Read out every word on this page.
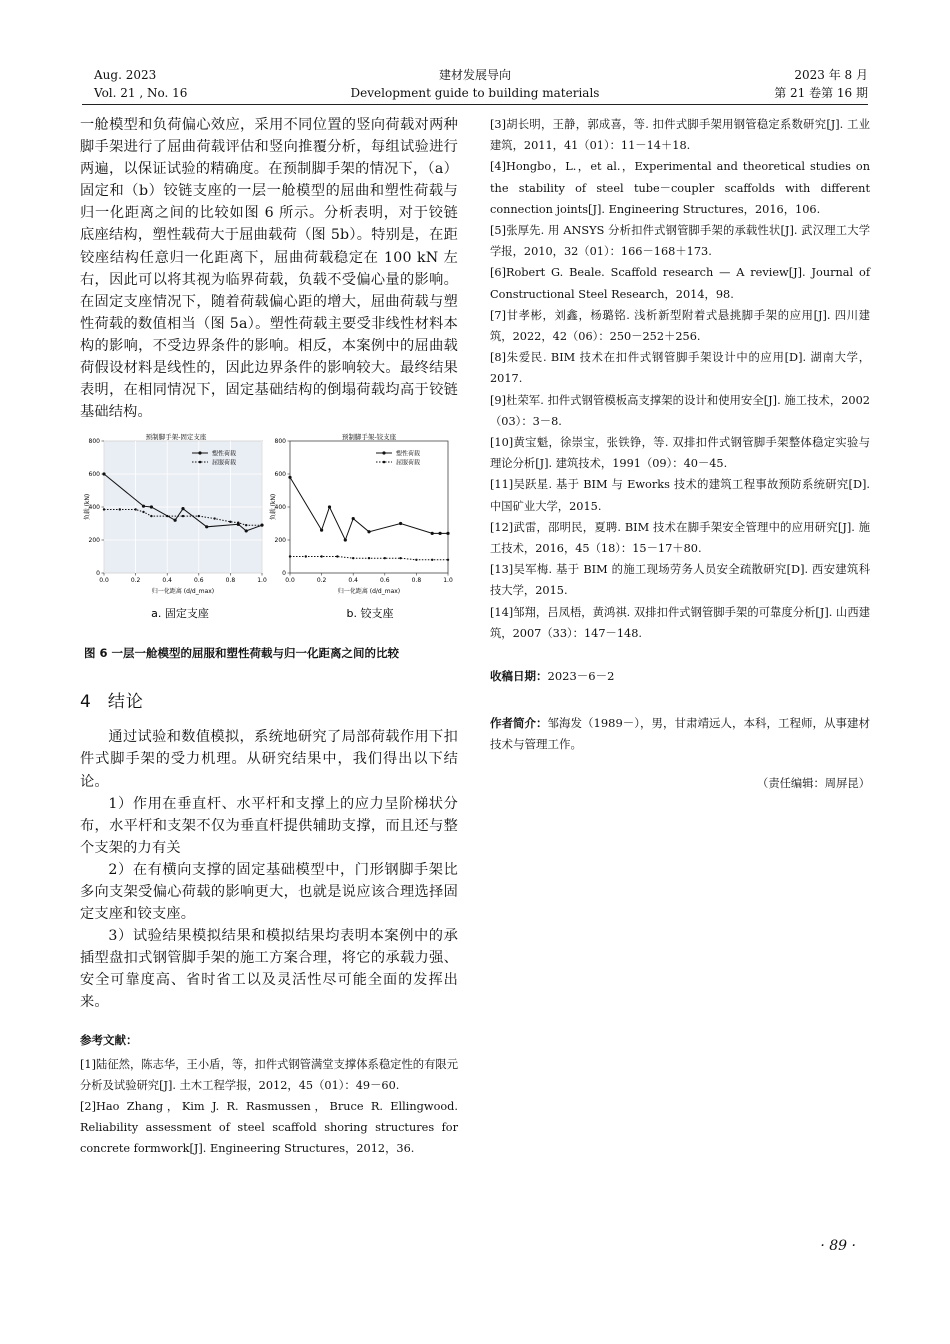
Aug. 2023
Vol. 21 , No. 16
建材发展导向
Development guide to building materials
2023 年 8 月
第 21 卷第 16 期

一舱模型和负荷偏心效应，采用不同位置的竖向荷载对两种脚手架进行了屈曲荷载评估和竖向推覆分析，每组试验进行两遍，以保证试验的精确度。在预制脚手架的情况下，（a）固定和（b）铰链支座的一层一舱模型的屈曲和塑性荷载与归一化距离之间的比较如图 6 所示。分析表明，对于铰链底座结构，塑性载荷大于屈曲载荷（图 5b）。特别是，在距铰座结构任意归一化距离下，屈曲荷载稳定在 100 kN 左右，因此可以将其视为临界荷载，负载不受偏心量的影响。在固定支座情况下，随着荷载偏心距的增大，屈曲荷载与塑性荷载的数值相当（图 5a）。塑性荷载主要受非线性材料本构的影响，不受边界条件的影响。相反，本案例中的屈曲载荷假设材料是线性的，因此边界条件的影响较大。最终结果表明，在相同情况下，固定基础结构的倒塌荷载均高于铰链基础结构。

预制脚手架-固定支座
0.0	0.2	0.4	0.6	0.8	1.0
0
200
400
600
800
塑性荷载
屈服荷载
负载 (kN)
归一化距离 (d/d_max)
预制脚手架-铰支座
0.0	0.2	0.4	0.6	0.8	1.0
0
200
400
600
800
塑性荷载
屈服荷载
负载 (kN)
归一化距离 (d/d_max)
a. 固定支座	b. 铰支座
图 6 一层一舱模型的屈服和塑性荷载与归一化距离之间的比较
4 结论

通过试验和数值模拟，系统地研究了局部荷载作用下扣件式脚手架的受力机理。从研究结果中，我们得出以下结论。

1）作用在垂直杆、水平杆和支撑上的应力呈阶梯状分布，水平杆和支架不仅为垂直杆提供辅助支撑，而且还与整个支架的力有关

2）在有横向支撑的固定基础模型中，门形钢脚手架比多向支架受偏心荷载的影响更大，也就是说应该合理选择固定支座和铰支座。

3）试验结果模拟结果和模拟结果均表明本案例中的承插型盘扣式钢管脚手架的施工方案合理，将它的承载力强、安全可靠度高、省时省工以及灵活性尽可能全面的发挥出来。

参考文献：

[1]陆征然，陈志华，王小盾，等，扣件式钢管满堂支撑体系稳定性的有限元分析及试验研究[J]. 土木工程学报，2012，45（01）：49－60.

[2]Hao Zhang，Kim J. R. Rasmussen，Bruce R. Ellingwood. Reliability assessment of steel scaffold shoring structures for concrete formwork[J]. Engineering Structures，2012，36.

[3]胡长明，王静，郭成喜，等. 扣件式脚手架用钢管稳定系数研究[J]. 工业建筑，2011，41（01）：11－14＋18.

[4]Hongbo，L.，et al.，Experimental and theoretical studies on the stability of steel tube－coupler scaffolds with different connection joints[J]. Engineering Structures，2016，106.

[5]张厚先. 用 ANSYS 分析扣件式钢管脚手架的承载性状[J]. 武汉理工大学学报，2010，32（01）：166－168＋173.

[6]Robert G. Beale. Scaffold research — A review[J]. Journal of Constructional Steel Research，2014，98.

[7]甘孝彬，刘鑫，杨璐铭. 浅析新型附着式悬挑脚手架的应用[J]. 四川建筑，2022，42（06）：250－252＋256.

[8]朱爱民. BIM 技术在扣件式钢管脚手架设计中的应用[D]. 湖南大学，2017.

[9]杜荣军. 扣件式钢管模板高支撑架的设计和使用安全[J]. 施工技术，2002（03）：3－8.

[10]黄宝魁，徐崇宝，张铁铮，等. 双排扣件式钢管脚手架整体稳定实验与理论分析[J]. 建筑技术，1991（09）：40－45.

[11]吴跃星. 基于 BIM 与 Eworks 技术的建筑工程事故预防系统研究[D]. 中国矿业大学，2015.

[12]武雷，邵明民，夏聘. BIM 技术在脚手架安全管理中的应用研究[J]. 施工技术，2016，45（18）：15－17＋80.

[13]吴军梅. 基于 BIM 的施工现场劳务人员安全疏散研究[D]. 西安建筑科技大学，2015.

[14]邹翔，吕凤梧，黄鸿祺. 双排扣件式钢管脚手架的可靠度分析[J]. 山西建筑，2007（33）：147－148.

收稿日期：2023－6－2
作者简介：邹海发（1989－），男，甘肃靖远人，本科，工程师，从事建材技术与管理工作。
（责任编辑：周屏昆）
· 89 ·
